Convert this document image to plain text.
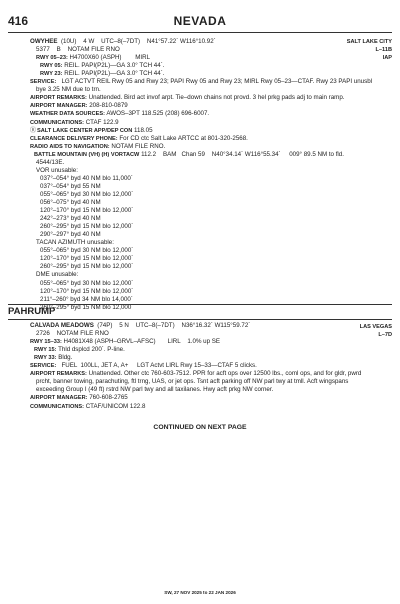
416	NEVADA
OWYHEE  (10U)    4 W    UTC–8(–7DT)    N41°57.22´ W116°10.92´
5377    B    NOTAM FILE RNO
RWY 05–23: H4700X60 (ASPH)        MIRL
RWY 05: REIL. PAPI(P2L)—GA 3.0° TCH 44´.
RWY 23: REIL. PAPI(P2L)—GA 3.0° TCH 44´.
SERVICE:   LGT ACTVT REIL Rwy 05 and Rwy 23; PAPI Rwy 05 and Rwy 23; MIRL Rwy 05–23—CTAF. Rwy 23 PAPI unusbl
bye 3.25 NM due to trn.
AIRPORT REMARKS: Unattended. Bird act invof arpt. Tie–down chains not provd. 3 hel prkg pads adj to main ramp.
AIRPORT MANAGER: 208-810-0879
WEATHER DATA SOURCES: AWOS–3PT 118.525 (208) 696-6007.
COMMUNICATIONS: CTAF 122.9
ⓇSALT LAKE CENTER APP/DEP CON 118.05
CLEARANCE DELIVERY PHONE: For CD ctc Salt Lake ARTCC at 801-320-2568.
RADIO AIDS TO NAVIGATION: NOTAM FILE RNO.
BATTLE MOUNTAIN (VH) (H) VORTACW 112.2    BAM   Chan 59    N40°34.14´ W116°55.34´     009° 89.5 NM to fld.
4544/13E.
VOR unusable:
037°–054° byd 40 NM blo 11,000´
037°–054° byd 55 NM
055°–065° byd 30 NM blo 12,000´
056°–075° byd 40 NM
120°–170° byd 15 NM blo 12,000´
242°–273° byd 40 NM
260°–295° byd 15 NM blo 12,000´
290°–297° byd 40 NM
TACAN AZIMUTH unusable:
055°–065° byd 30 NM blo 12,000´
120°–170° byd 15 NM blo 12,000´
260°–295° byd 15 NM blo 12,000´
DME unusable:
055°–065° byd 30 NM blo 12,000´
120°–170° byd 15 NM blo 12,000´
211°–260° byd 34 NM blo 14,000´
260°–295° byd 15 NM blo 12,000´
SALT LAKE CITY
L–11B
IAP
PAHRUMP
CALVADA MEADOWS  (74P)    5 N    UTC–8(–7DT)    N36°16.32´ W115°59.72´
2726    NOTAM FILE RNO
RWY 15–33: H4081X48 (ASPH–GRVL–AFSC)       LIRL    1.0% up SE
RWY 15: Thld dsplcd 200´. P-line.
RWY 33: Bldg.
SERVICE:   FUEL  100LL, JET A, A+     LGT Actvt LIRL Rwy 15–33—CTAF 5 clicks.
AIRPORT REMARKS: Unattended. Other ctc 760-603-7512. PPR for acft ops over 12500 lbs., coml ops, and for gldr, pwrd
prcht, banner towing, parachuting, ftl trng, UAS, or jet ops. Tsnt acft parking off NW parl twy at tmll. Acft wingspans
exceeding Group I (49 ft) rstrd NW parl twy and all taxilanes. Hwy acft prkg NW corner.
AIRPORT MANAGER: 760-608-2765
COMMUNICATIONS: CTAF/UNICOM 122.8
LAS VEGAS
L–7D
CONTINUED ON NEXT PAGE
SW, 27 NOV 2025 to 22 JAN 2026
